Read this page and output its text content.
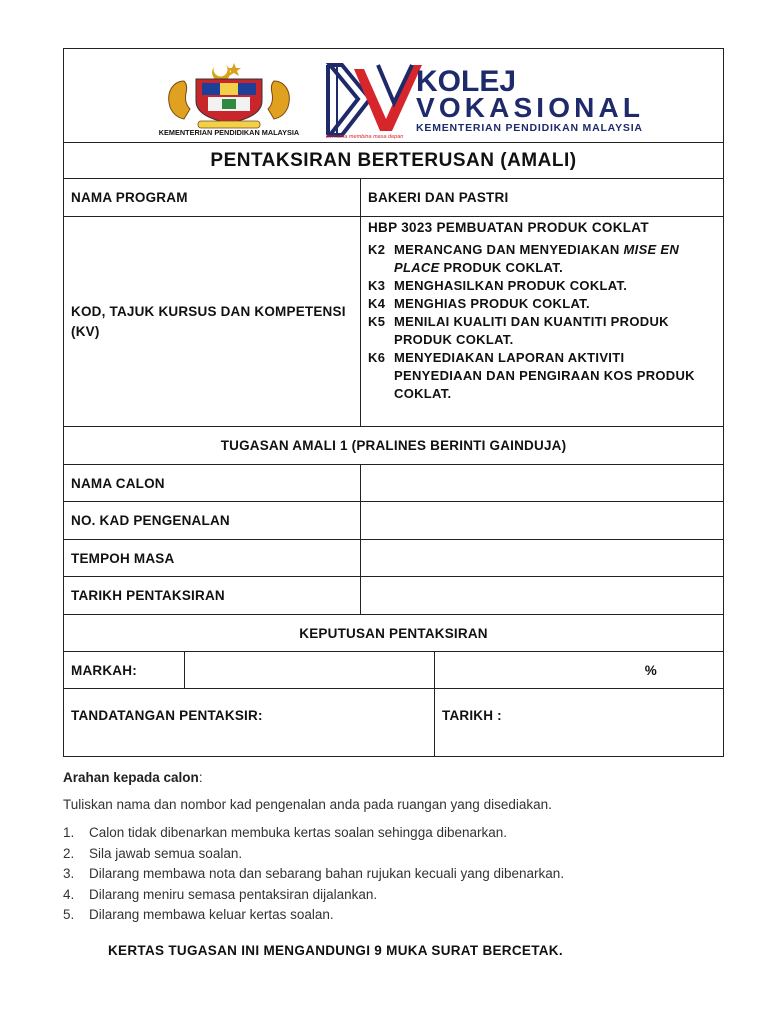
KEMENTERIAN PENDIDIKAN MALAYSIA
KOLEJ
VOKASIONAL
KEMENTERIAN PENDIDIKAN MALAYSIA
bersama membina masa depan
PENTAKSIRAN BERTERUSAN (AMALI)
NAMA PROGRAM	BAKERI DAN PASTRI
KOD, TAJUK KURSUS DAN KOMPETENSI (KV)
HBP 3023 PEMBUATAN PRODUK COKLAT
K2 MERANCANG DAN MENYEDIAKAN MISE EN PLACE PRODUK COKLAT.
K3 MENGHASILKAN PRODUK COKLAT.
K4 MENGHIAS PRODUK COKLAT.
K5 MENILAI KUALITI DAN KUANTITI PRODUK PRODUK COKLAT.
K6 MENYEDIAKAN LAPORAN AKTIVITI PENYEDIAAN DAN PENGIRAAN KOS PRODUK COKLAT.
TUGASAN AMALI 1 (PRALINES BERINTI GAINDUJA)
NAMA CALON
NO. KAD PENGENALAN
TEMPOH MASA
TARIKH PENTAKSIRAN
KEPUTUSAN PENTAKSIRAN
MARKAH:	%
TANDATANGAN PENTAKSIR:	TARIKH :
Arahan kepada calon:
Tuliskan nama dan nombor kad pengenalan anda pada ruangan yang disediakan.
1.	Calon tidak dibenarkan membuka kertas soalan sehingga dibenarkan.
2.	Sila jawab semua soalan.
3.	Dilarang membawa nota dan sebarang bahan rujukan kecuali yang dibenarkan.
4.	Dilarang meniru semasa pentaksiran dijalankan.
5.	Dilarang membawa keluar kertas soalan.
KERTAS TUGASAN INI MENGANDUNGI 9 MUKA SURAT BERCETAK.
